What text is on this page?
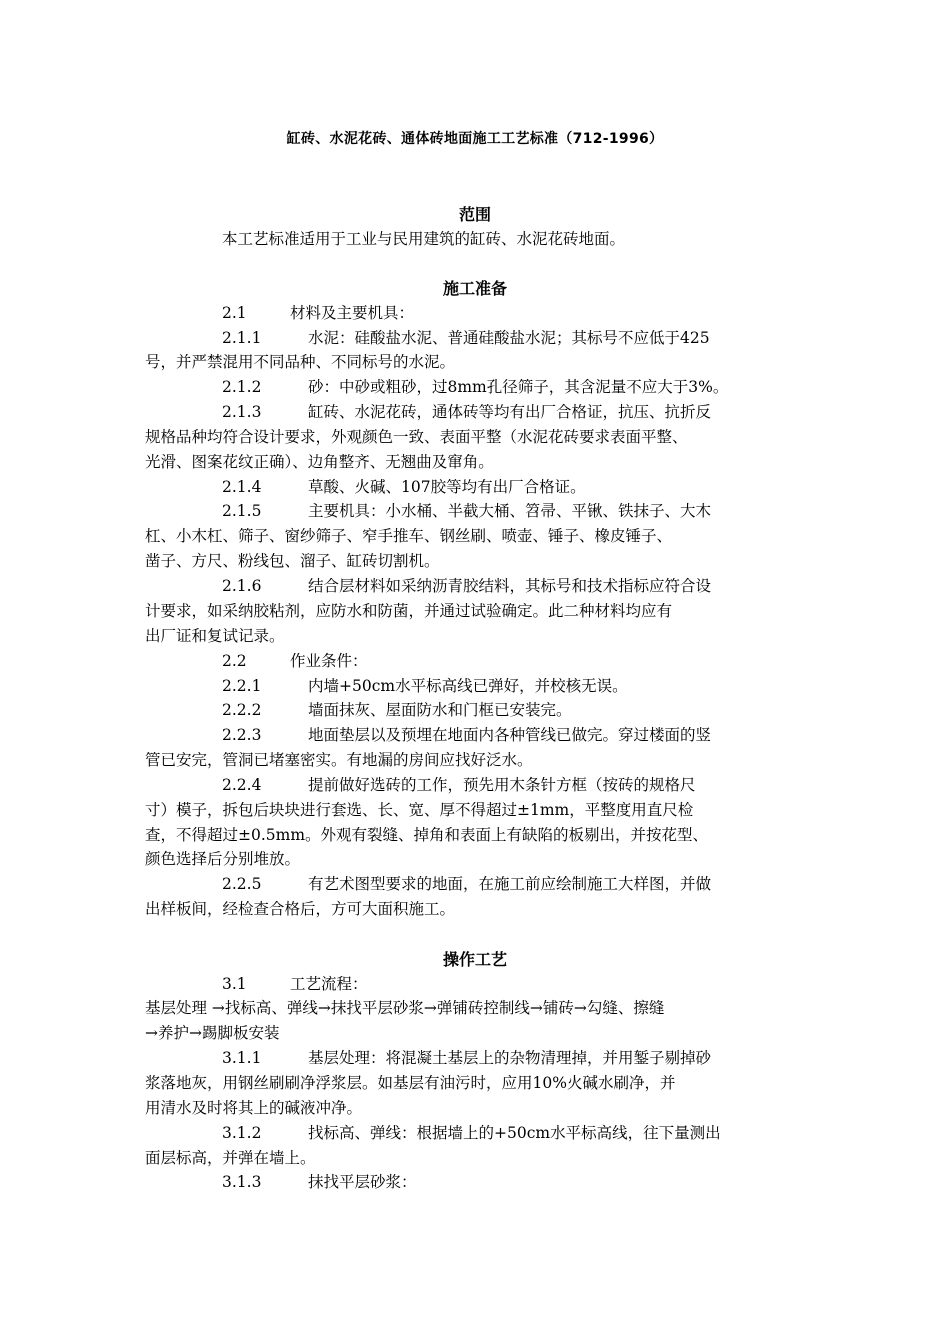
缸砖、水泥花砖、通体砖地面施工工艺标准（712-1996）
范围
本工艺标准适用于工业与民用建筑的缸砖、水泥花砖地面。
施工准备
2.1	材料及主要机具：
2.1.1	水泥：硅酸盐水泥、普通硅酸盐水泥；其标号不应低于425
号，并严禁混用不同品种、不同标号的水泥。
2.1.2	砂：中砂或粗砂，过8mm孔径筛子，其含泥量不应大于3%。
2.1.3	缸砖、水泥花砖，通体砖等均有出厂合格证，抗压、抗折反
规格品种均符合设计要求，外观颜色一致、表面平整（水泥花砖要求表面平整、
光滑、图案花纹正确）、边角整齐、无翘曲及窜角。
2.1.4	草酸、火碱、107胶等均有出厂合格证。
2.1.5	主要机具：小水桶、半截大桶、笤帚、平锹、铁抹子、大木
杠、小木杠、筛子、窗纱筛子、窄手推车、钢丝刷、喷壶、锤子、橡皮锤子、
凿子、方尺、粉线包、溜子、缸砖切割机。
2.1.6	结合层材料如采纳沥青胶结料，其标号和技术指标应符合设
计要求，如采纳胶粘剂，应防水和防菌，并通过试验确定。此二种材料均应有
出厂证和复试记录。
2.2	作业条件：
2.2.1	内墙+50cm水平标高线已弹好，并校核无误。
2.2.2	墙面抹灰、屋面防水和门框已安装完。
2.2.3	地面垫层以及预埋在地面内各种管线已做完。穿过楼面的竖
管已安完，管洞已堵塞密实。有地漏的房间应找好泛水。
2.2.4	提前做好选砖的工作，预先用木条针方框（按砖的规格尺
寸）模子，拆包后块块进行套选、长、宽、厚不得超过±1mm，平整度用直尺检
查，不得超过±0.5mm。外观有裂缝、掉角和表面上有缺陷的板剔出，并按花型、
颜色选择后分别堆放。
2.2.5	有艺术图型要求的地面，在施工前应绘制施工大样图，并做
出样板间，经检查合格后，方可大面积施工。
操作工艺
3.1	工艺流程：
基层处理 →找标高、弹线→抹找平层砂浆→弹铺砖控制线→铺砖→勾缝、擦缝
→养护→踢脚板安装
3.1.1	基层处理：将混凝土基层上的杂物清理掉，并用錾子剔掉砂
浆落地灰，用钢丝刷刷净浮浆层。如基层有油污时，应用10%火碱水刷净，并
用清水及时将其上的碱液冲净。
3.1.2	找标高、弹线：根据墙上的+50cm水平标高线，往下量测出
面层标高，并弹在墙上。
3.1.3	抹找平层砂浆：
